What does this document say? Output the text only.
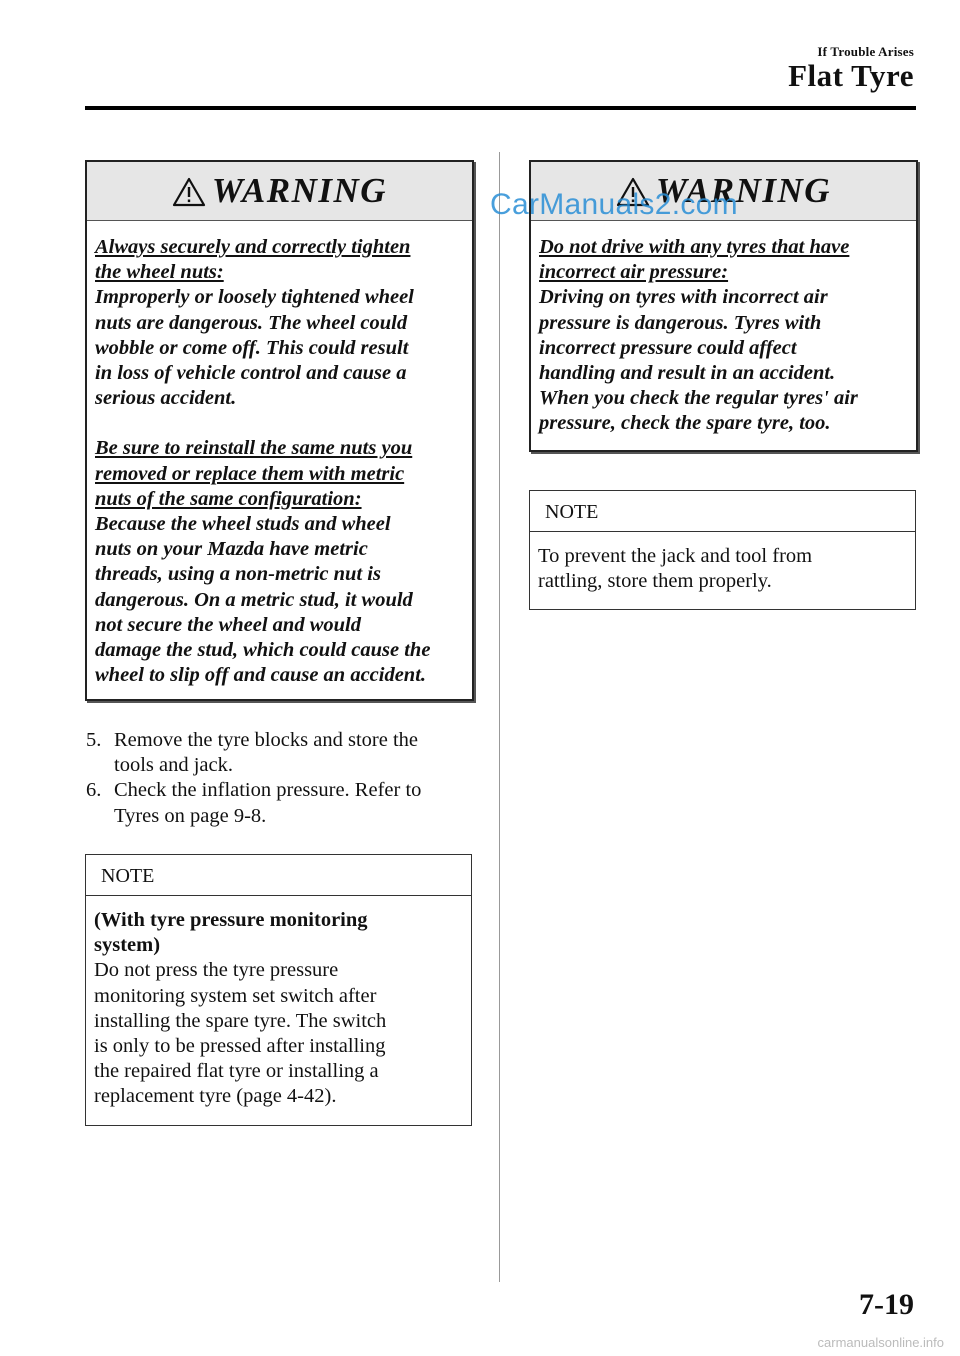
If Trouble Arises
Flat Tyre
WARNING

Always securely and correctly tighten

the wheel nuts:

Improperly or loosely tightened wheel

nuts are dangerous. The wheel could

wobble or come off. This could result

in loss of vehicle control and cause a

serious accident.

Be sure to reinstall the same nuts you

removed or replace them with metric

nuts of the same configuration:

Because the wheel studs and wheel

nuts on your Mazda have metric

threads, using a non-metric nut is

dangerous. On a metric stud, it would

not secure the wheel and would

damage the stud, which could cause the

wheel to slip off and cause an accident.

5. Remove the tyre blocks and store the
tools and jack.
6. Check the inflation pressure. Refer to
Tyres on page 9-8.
NOTE

(With tyre pressure monitoring

system)

Do not press the tyre pressure

monitoring system set switch after

installing the spare tyre. The switch

is only to be pressed after installing

the repaired flat tyre or installing a

replacement tyre (page 4-42).

WARNING

Do not drive with any tyres that have

incorrect air pressure:

Driving on tyres with incorrect air

pressure is dangerous. Tyres with

incorrect pressure could affect

handling and result in an accident.

When you check the regular tyres' air

pressure, check the spare tyre, too.

NOTE

To prevent the jack and tool from

rattling, store them properly.

CarManuals2.com
7-19
carmanualsonline.info
